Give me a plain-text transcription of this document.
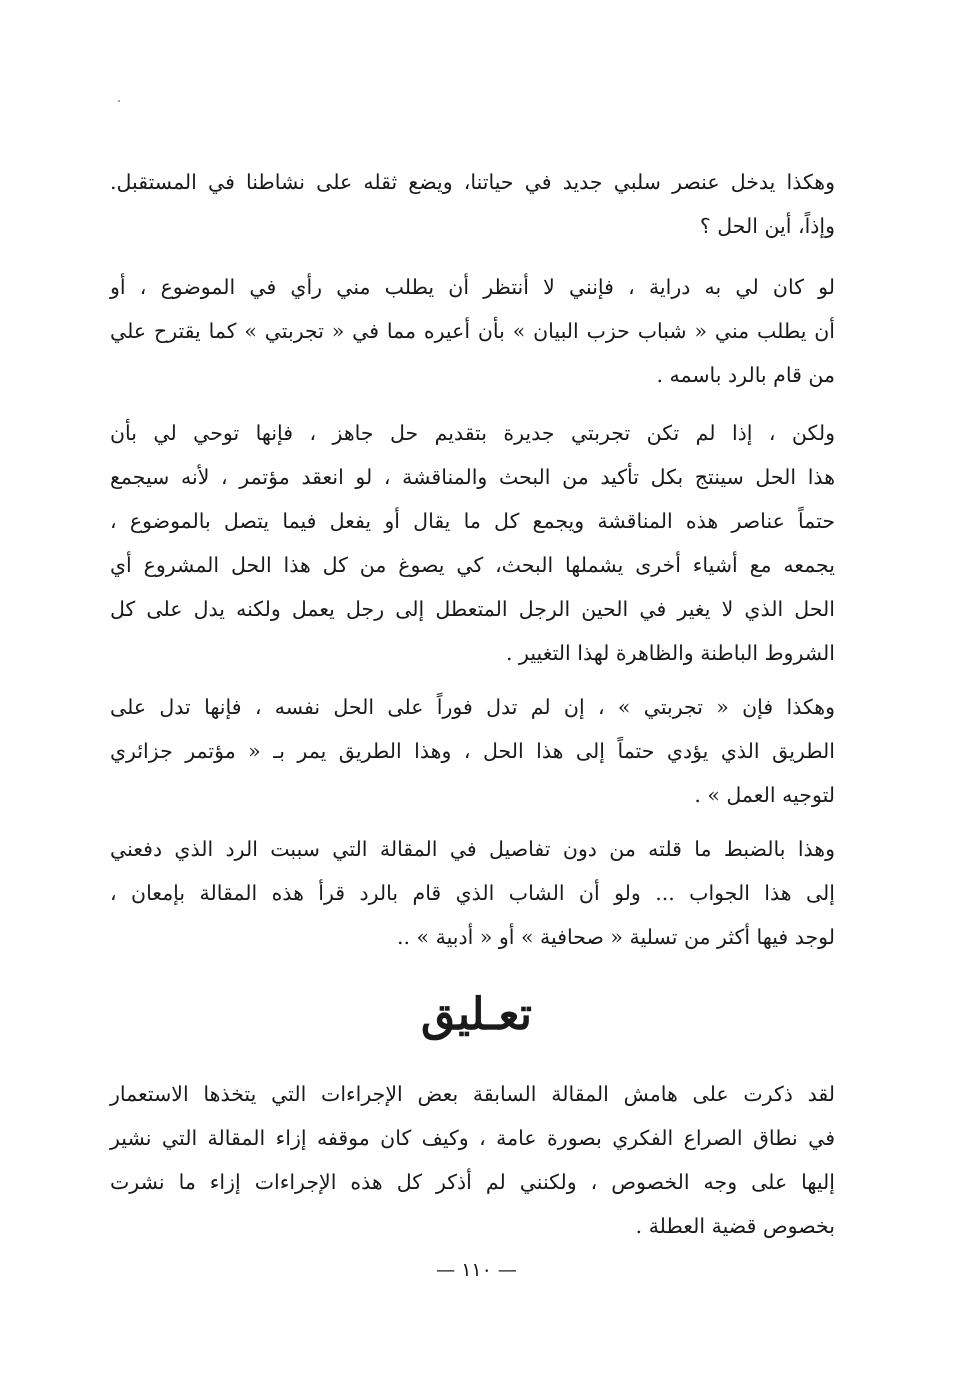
وهكذا يدخل عنصر سلبي جديد في حياتنا، ويضع ثقله على نشاطنا في المستقبل.
وإذاً، أين الحل ؟
لو كان لي به دراية ، فإنني لا أنتظر أن يطلب مني رأي في الموضوع ، أو
أن يطلب مني « شباب حزب البيان » بأن أعيره مما في « تجربتي » كما يقترح علي
من قام بالرد باسمه .
ولكن ، إذا لم تكن تجربتي جديرة بتقديم حل جاهز ، فإنها توحي لي بأن
هذا الحل سينتج بكل تأكيد من البحث والمناقشة ، لو انعقد مؤتمر ، لأنه سيجمع
حتماً عناصر هذه المناقشة ويجمع كل ما يقال أو يفعل فيما يتصل بالموضوع ،
يجمعه مع أشياء أخرى يشملها البحث، كي يصوغ من كل هذا الحل المشروع أي
الحل الذي لا يغير في الحين الرجل المتعطل إلى رجل يعمل ولكنه يدل على كل
الشروط الباطنة والظاهرة لهذا التغيير .
وهكذا فإن « تجربتي » ، إن لم تدل فوراً على الحل نفسه ، فإنها تدل على
الطريق الذي يؤدي حتماً إلى هذا الحل ، وهذا الطريق يمر بـ « مؤتمر جزائري
لتوجيه العمل » .
وهذا بالضبط ما قلته من دون تفاصيل في المقالة التي سببت الرد الذي دفعني
إلى هذا الجواب ... ولو أن الشاب الذي قام بالرد قرأ هذه المقالة بإمعان ،
لوجد فيها أكثر من تسلية « صحافية » أو « أدبية » ..
تعـليق
لقد ذكرت على هامش المقالة السابقة بعض الإجراءات التي يتخذها الاستعمار
في نطاق الصراع الفكري بصورة عامة ، وكيف كان موقفه إزاء المقالة التي نشير
إليها على وجه الخصوص ، ولكنني لم أذكر كل هذه الإجراءات إزاء ما نشرت
بخصوص قضية العطلة .
— ١١٠ —
